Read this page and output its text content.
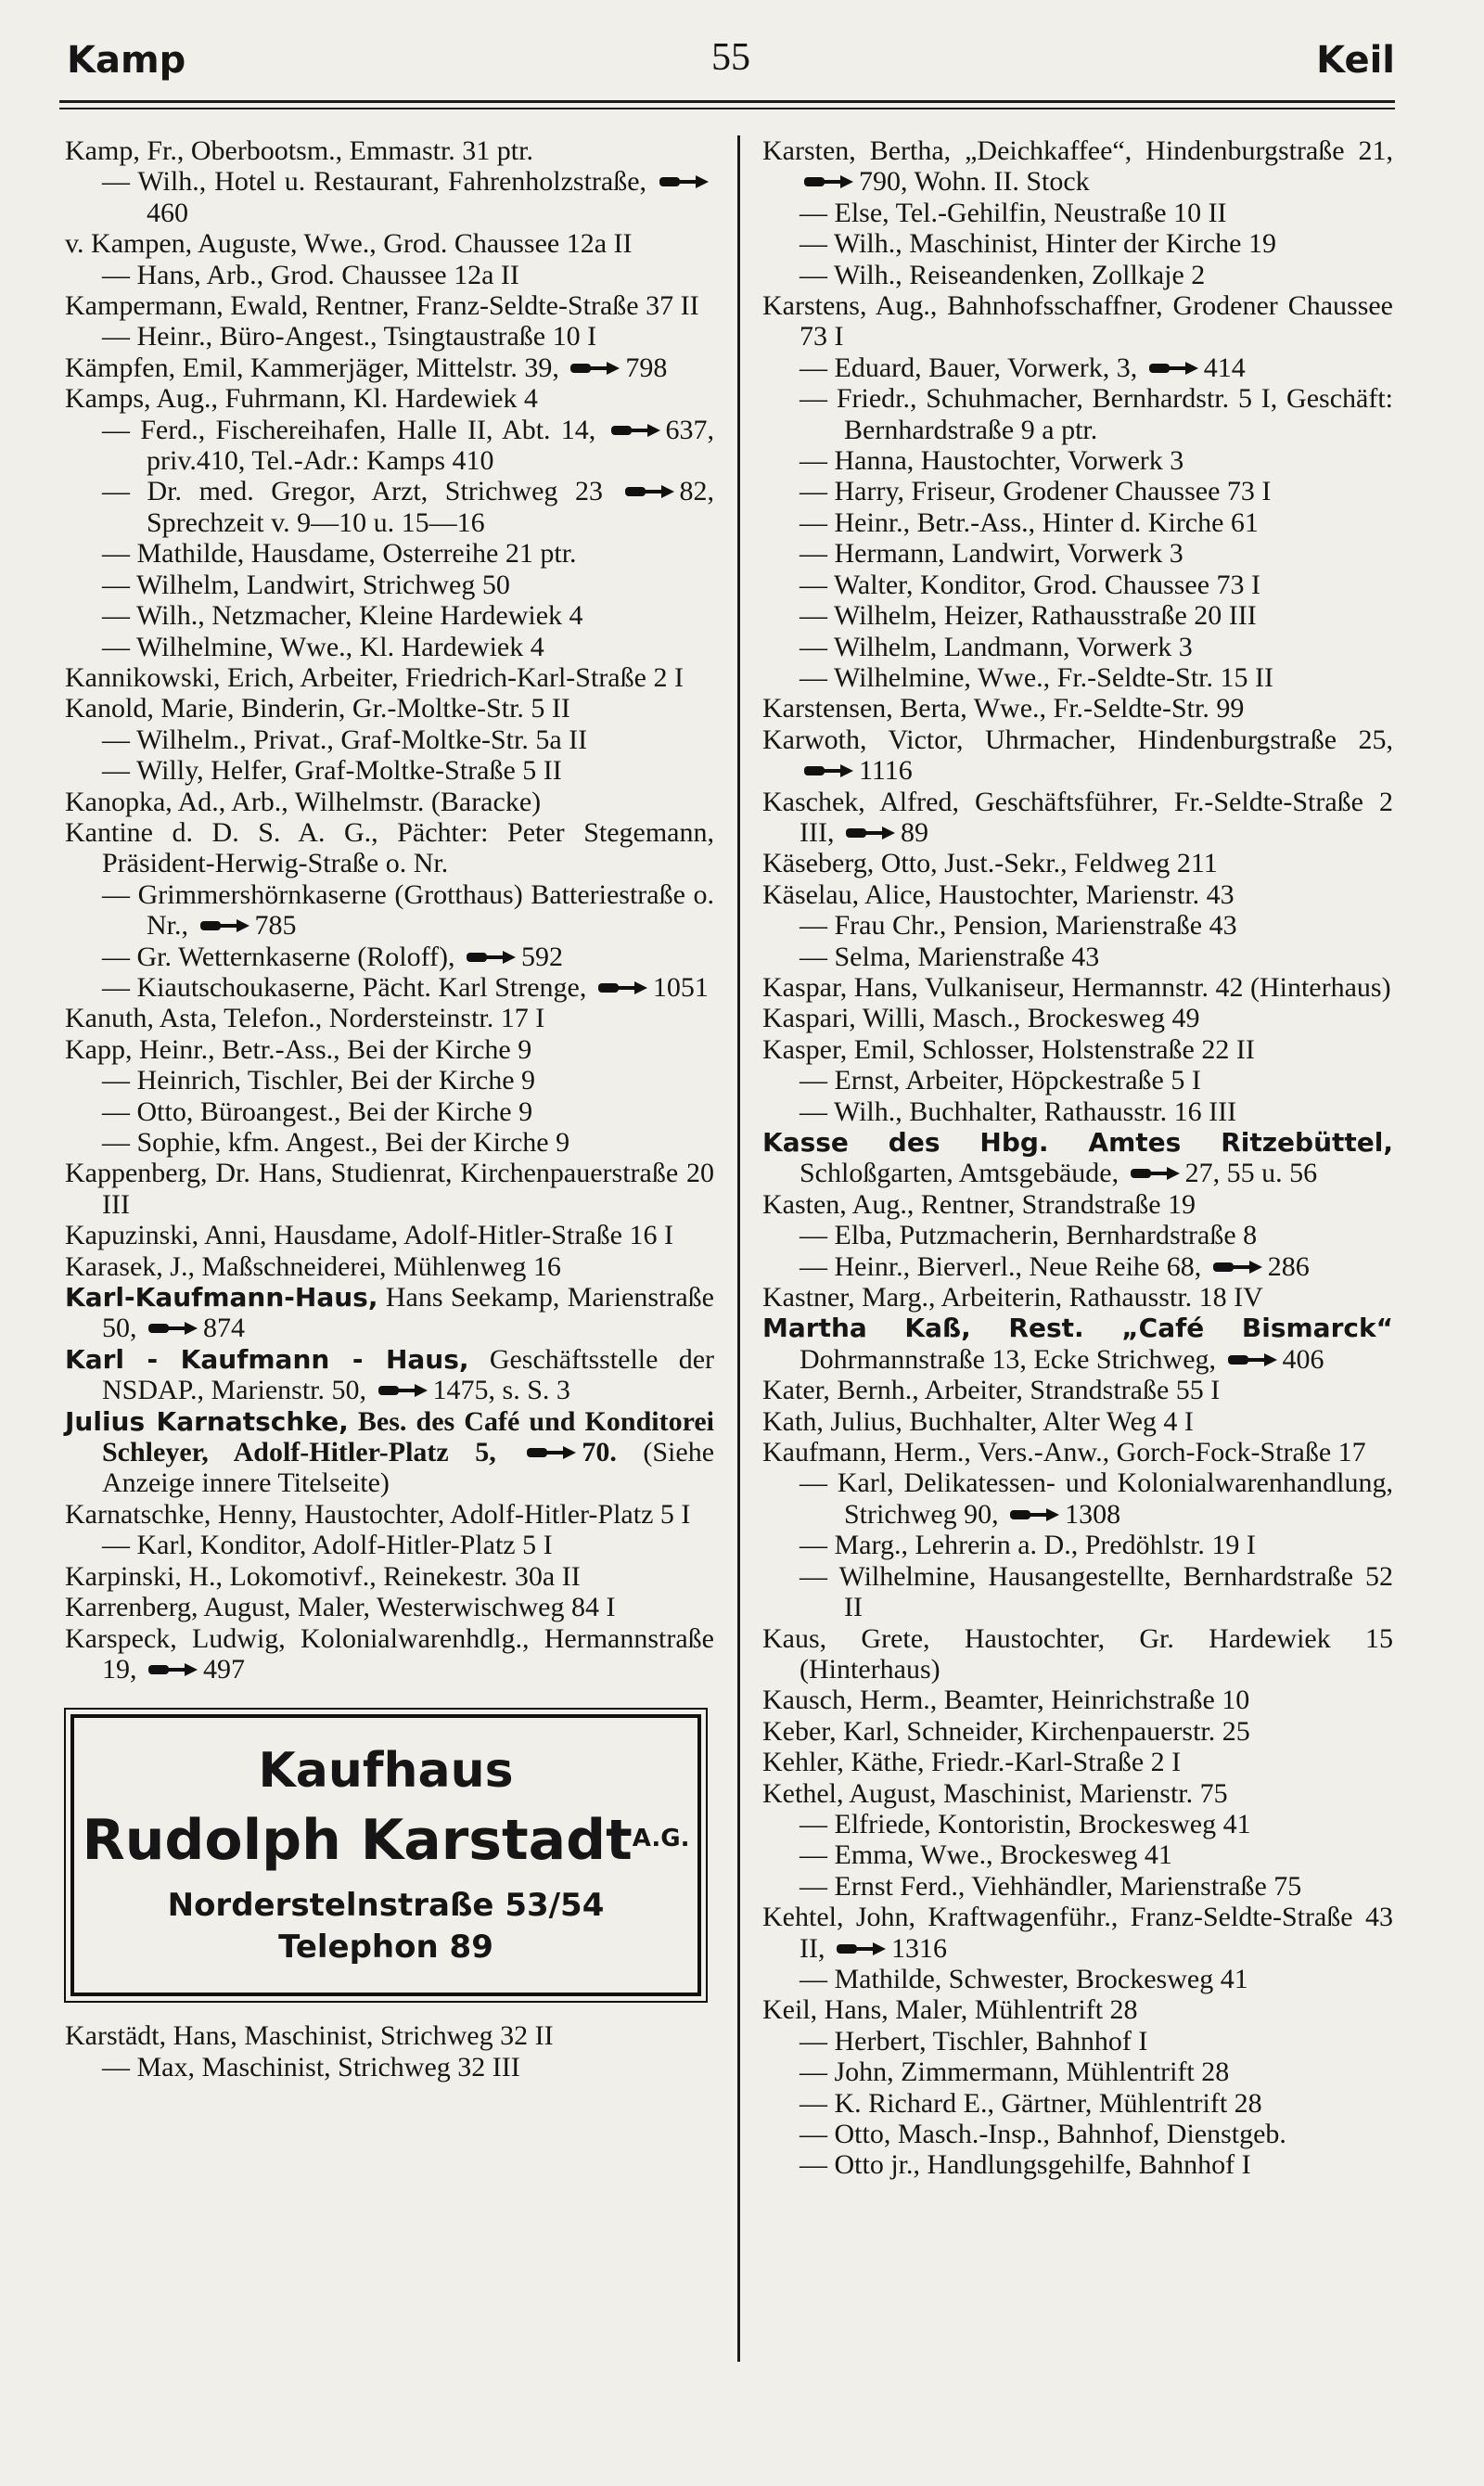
Kamp	55	Keil

Kamp, Fr., Oberbootsm., Emmastr. 31 ptr.

— Wilh., Hotel u. Restaurant, Fahrenholzstraße, 460

v. Kampen, Auguste, Wwe., Grod. Chaussee 12a II

— Hans, Arb., Grod. Chaussee 12a II

Kampermann, Ewald, Rentner, Franz-Seldte-Straße 37 II

— Heinr., Büro-Angest., Tsingtaustraße 10 I

Kämpfen, Emil, Kammerjäger, Mittelstr. 39, 798

Kamps, Aug., Fuhrmann, Kl. Hardewiek 4

— Ferd., Fischereihafen, Halle II, Abt. 14,	637, priv.410, Tel.-Adr.: Kamps 410

— Dr. med. Gregor, Arzt, Strichweg 23	82, Sprechzeit v. 9—10 u. 15—16

— Mathilde, Hausdame, Osterreihe 21 ptr.

— Wilhelm, Landwirt, Strichweg 50

— Wilh., Netzmacher, Kleine Hardewiek 4

— Wilhelmine, Wwe., Kl. Hardewiek 4

Kannikowski, Erich, Arbeiter, Friedrich-Karl-Straße 2 I

Kanold, Marie, Binderin, Gr.-Moltke-Str. 5 II

— Wilhelm., Privat., Graf-Moltke-Str. 5a II

— Willy, Helfer, Graf-Moltke-Straße 5 II

Kanopka, Ad., Arb., Wilhelmstr. (Baracke)

Kantine d. D. S. A. G., Pächter: Peter Stegemann, Präsident-Herwig-Straße o. Nr.

— Grimmershörnkaserne (Grotthaus) Batteriestraße o. Nr., 785

— Gr. Wetternkaserne (Roloff), 592

— Kiautschoukaserne, Pächt. Karl Strenge, 1051

Kanuth, Asta, Telefon., Nordersteinstr. 17 I

Kapp, Heinr., Betr.-Ass., Bei der Kirche 9

— Heinrich, Tischler, Bei der Kirche 9

— Otto, Büroangest., Bei der Kirche 9

— Sophie, kfm. Angest., Bei der Kirche 9

Kappenberg, Dr. Hans, Studienrat, Kirchenpauerstraße 20 III

Kapuzinski, Anni, Hausdame, Adolf-Hitler-Straße 16 I

Karasek, J., Maßschneiderei, Mühlenweg 16

Karl-Kaufmann-Haus, Hans Seekamp, Marienstraße 50, 874

Karl - Kaufmann - Haus, Geschäftsstelle der NSDAP., Marienstr. 50, 1475, s. S. 3

Julius Karnatschke, Bes. des Café und Konditorei Schleyer, Adolf-Hitler-Platz 5,	70. (Siehe Anzeige innere Titelseite)

Karnatschke, Henny, Haustochter, Adolf-Hitler-Platz 5 I

— Karl, Konditor, Adolf-Hitler-Platz 5 I

Karpinski, H., Lokomotivf., Reinekestr. 30a II

Karrenberg, August, Maler, Westerwischweg 84 I

Karspeck, Ludwig, Kolonialwarenhdlg., Hermannstraße 19, 497

Kaufhaus
Rudolph Karstadt$^{A.G.}$
Norderstelnstraße 53/54
Telephon 89

Karstädt, Hans, Maschinist, Strichweg 32 II

— Max, Maschinist, Strichweg 32 III

Karsten, Bertha, „Deichkaffee“, Hindenburgstraße 21, 790, Wohn. II. Stock

— Else, Tel.-Gehilfin, Neustraße 10 II

— Wilh., Maschinist, Hinter der Kirche 19

— Wilh., Reiseandenken, Zollkaje 2

Karstens, Aug., Bahnhofsschaffner, Grodener Chaussee 73 I

— Eduard, Bauer, Vorwerk, 3, 414

— Friedr., Schuhmacher, Bernhardstr. 5 I, Geschäft: Bernhardstraße 9 a ptr.

— Hanna, Haustochter, Vorwerk 3

— Harry, Friseur, Grodener Chaussee 73 I

— Heinr., Betr.-Ass., Hinter d. Kirche 61

— Hermann, Landwirt, Vorwerk 3

— Walter, Konditor, Grod. Chaussee 73 I

— Wilhelm, Heizer, Rathausstraße 20 III

— Wilhelm, Landmann, Vorwerk 3

— Wilhelmine, Wwe., Fr.-Seldte-Str. 15 II

Karstensen, Berta, Wwe., Fr.-Seldte-Str. 99

Karwoth, Victor, Uhrmacher, Hindenburgstraße 25, 1116

Kaschek, Alfred, Geschäftsführer, Fr.-Seldte-Straße 2 III, 89

Käseberg, Otto, Just.-Sekr., Feldweg 211

Käselau, Alice, Haustochter, Marienstr. 43

— Frau Chr., Pension, Marienstraße 43

— Selma, Marienstraße 43

Kaspar, Hans, Vulkaniseur, Hermannstr. 42 (Hinterhaus)

Kaspari, Willi, Masch., Brockesweg 49

Kasper, Emil, Schlosser, Holstenstraße 22 II

— Ernst, Arbeiter, Höpckestraße 5 I

— Wilh., Buchhalter, Rathausstr. 16 III

Kasse des Hbg. Amtes Ritzebüttel, Schloßgarten, Amtsgebäude, 27, 55 u. 56

Kasten, Aug., Rentner, Strandstraße 19

— Elba, Putzmacherin, Bernhardstraße 8

— Heinr., Bierverl., Neue Reihe 68, 286

Kastner, Marg., Arbeiterin, Rathausstr. 18 IV

Martha Kaß, Rest. „Café Bismarck“ Dohrmannstraße 13, Ecke Strichweg, 406

Kater, Bernh., Arbeiter, Strandstraße 55 I

Kath, Julius, Buchhalter, Alter Weg 4 I

Kaufmann, Herm., Vers.-Anw., Gorch-Fock-Straße 17

— Karl, Delikatessen- und Kolonialwarenhandlung, Strichweg 90, 1308

— Marg., Lehrerin a. D., Predöhlstr. 19 I

— Wilhelmine, Hausangestellte, Bernhardstraße 52 II

Kaus, Grete, Haustochter, Gr. Hardewiek 15 (Hinterhaus)

Kausch, Herm., Beamter, Heinrichstraße 10

Keber, Karl, Schneider, Kirchenpauerstr. 25

Kehler, Käthe, Friedr.-Karl-Straße 2 I

Kethel, August, Maschinist, Marienstr. 75

— Elfriede, Kontoristin, Brockesweg 41

— Emma, Wwe., Brockesweg 41

— Ernst Ferd., Viehhändler, Marienstraße 75

Kehtel, John, Kraftwagenführ., Franz-Seldte-Straße 43 II, 1316

— Mathilde, Schwester, Brockesweg 41

Keil, Hans, Maler, Mühlentrift 28

— Herbert, Tischler, Bahnhof I

— John, Zimmermann, Mühlentrift 28

— K. Richard E., Gärtner, Mühlentrift 28

— Otto, Masch.-Insp., Bahnhof, Dienstgeb.

— Otto jr., Handlungsgehilfe, Bahnhof I
